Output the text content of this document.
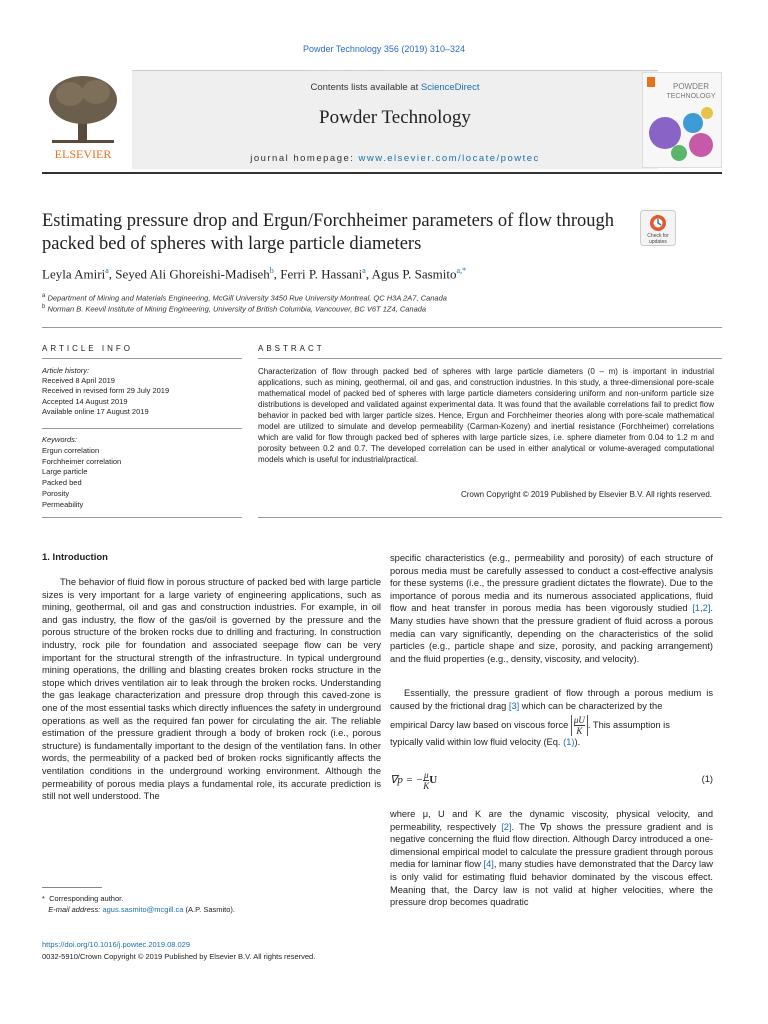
Powder Technology 356 (2019) 310–324
ELSEVIER
Contents lists available at ScienceDirect
Powder Technology
journal homepage: www.elsevier.com/locate/powtec
POWDER
TECHNOLOGY
Estimating pressure drop and Ergun/Forchheimer parameters of flow through packed bed of spheres with large particle diameters	Check for
updates
Leyla Amiri$^a$, Seyed Ali Ghoreishi-Madiseh$^b$, Ferri P. Hassani$^a$, Agus P. Sasmito$^{a,*}$
$^a$ Department of Mining and Materials Engineering, McGill University 3450 Rue University Montreal, QC H3A 2A7, Canada
$^b$ Norman B. Keevil Institute of Mining Engineering, University of British Columbia, Vancouver, BC V6T 1Z4, Canada
ARTICLE INFO	ABSTRACT
Article history:
Received 8 April 2019
Received in revised form 29 July 2019
Accepted 14 August 2019
Available online 17 August 2019
Keywords:
Ergun correlation
Forchheimer correlation
Large particle
Packed bed
Porosity
Permeability
Characterization of flow through packed bed of spheres with large particle diameters (0 – m) is important in industrial applications, such as mining, geothermal, oil and gas, and construction industries. In this study, a three-dimensional pore-scale mathematical model of packed bed of spheres with large particle diameters considering uniform and non-uniform particle size distributions is developed and validated against experimental data. It was found that the available correlations fail to predict flow behavior in packed bed with larger particle sizes. Hence, Ergun and Forchheimer theories along with pore-scale mathematical model are utilized to simulate and develop permeability (Carman-Kozeny) and inertial resistance (Forchheimer) correlations which are valid for flow through packed bed of spheres with large particle sizes, i.e. sphere diameter from 0.04 to 1.2 m and porosity between 0.2 and 0.7. The developed correlation can be used in either analytical or volume-averaged computational models which is useful for industrial/practical.
Crown Copyright © 2019 Published by Elsevier B.V. All rights reserved.
1. Introduction
The behavior of fluid flow in porous structure of packed bed with large particle sizes is very important for a large variety of engineering applications, such as mining, geothermal, oil and gas and construction industries. For example, in oil and gas industry, the flow of the gas/oil is governed by the pressure and the porous structure of the broken rocks due to drilling and fracturing. In construction industry, rock pile for foundation and associated seepage flow can be very important for the structural strength of the infrastructure. In typical underground mining operations, the drilling and blasting creates broken rocks structure in the stope which drives ventilation air to leak through the broken rocks. Understanding the gas leakage characterization and pressure drop through this caved-zone is one of the most essential tasks which directly influences the safety in underground operations as well as the required fan power for circulating the air. The reliable estimation of the pressure gradient through a body of broken rock (i.e., porous structure) is fundamentally important to the design of the ventilation fans. In other words, the permeability of a packed bed of broken rocks significantly affects the ventilation conditions in the underground working environment. Although the permeability of porous media plays a fundamental role, its accurate prediction is still not well understood. The
specific characteristics (e.g., permeability and porosity) of each structure of porous media must be carefully assessed to conduct a cost-effective analysis for these systems (i.e., the pressure gradient dictates the flowrate). Due to the importance of porous media and its numerous associated applications, fluid flow and heat transfer in porous media has been vigorously studied [1,2]. Many studies have shown that the pressure gradient of fluid across a porous media can vary significantly, depending on the characteristics of the solid particles (e.g., particle shape and size, porosity, and packing arrangement) and the fluid properties (e.g., density, viscosity, and velocity).
Essentially, the pressure gradient of flow through a porous medium is caused by the frictional drag [3] which can be characterized by the
empirical Darcy law based on viscous force $\frac{\mu U}{K}$. This assumption is
typically valid within low fluid velocity (Eq. (1)).
∇p = − $\frac{\mu}{K}U$	(1)
where μ, U and K are the dynamic viscosity, physical velocity, and permeability, respectively [2]. The ∇p shows the pressure gradient and is negative concerning the fluid flow direction. Although Darcy introduced a one-dimensional empirical model to calculate the pressure gradient through porous media for laminar flow [4], many studies have demonstrated that the Darcy law is only valid for estimating fluid behavior dominated by the viscous effect. Meaning that, the Darcy law is not valid at higher velocities, where the pressure drop becomes quadratic
* Corresponding author.
E-mail address: agus.sasmito@mcgill.ca (A.P. Sasmito).
https://doi.org/10.1016/j.powtec.2019.08.029
0032-5910/Crown Copyright © 2019 Published by Elsevier B.V. All rights reserved.
